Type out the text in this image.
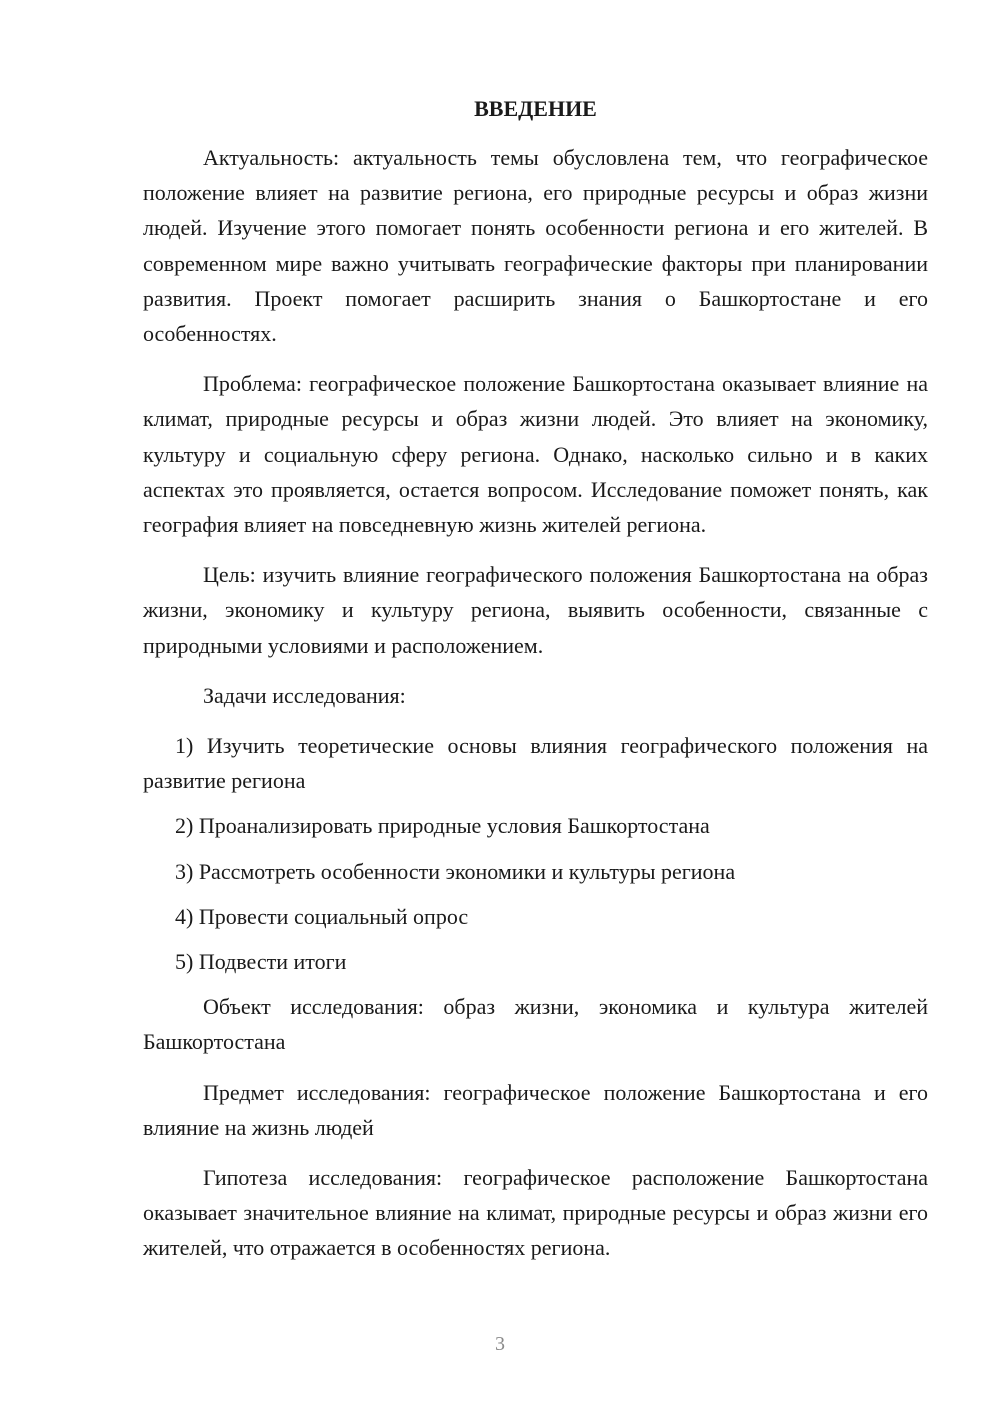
ВВЕДЕНИЕ

Актуальность: актуальность темы обусловлена тем, что географическое положение влияет на развитие региона, его природные ресурсы и образ жизни людей. Изучение этого помогает понять особенности региона и его жителей. В современном мире важно учитывать географические факторы при планировании развития. Проект помогает расширить знания о Башкортостане и его особенностях.

Проблема: географическое положение Башкортостана оказывает влияние на климат, природные ресурсы и образ жизни людей. Это влияет на экономику, культуру и социальную сферу региона. Однако, насколько сильно и в каких аспектах это проявляется, остается вопросом. Исследование поможет понять, как география влияет на повседневную жизнь жителей региона.

Цель: изучить влияние географического положения Башкортостана на образ жизни, экономику и культуру региона, выявить особенности, связанные с природными условиями и расположением.

Задачи исследования:

1) Изучить теоретические основы влияния географического положения на развитие региона

2) Проанализировать природные условия Башкортостана

3) Рассмотреть особенности экономики и культуры региона

4) Провести социальный опрос

5) Подвести итоги

Объект исследования: образ жизни, экономика и культура жителей Башкортостана

Предмет исследования: географическое положение Башкортостана и его влияние на жизнь людей

Гипотеза исследования: географическое расположение Башкортостана оказывает значительное влияние на климат, природные ресурсы и образ жизни его жителей, что отражается в особенностях региона.

3
